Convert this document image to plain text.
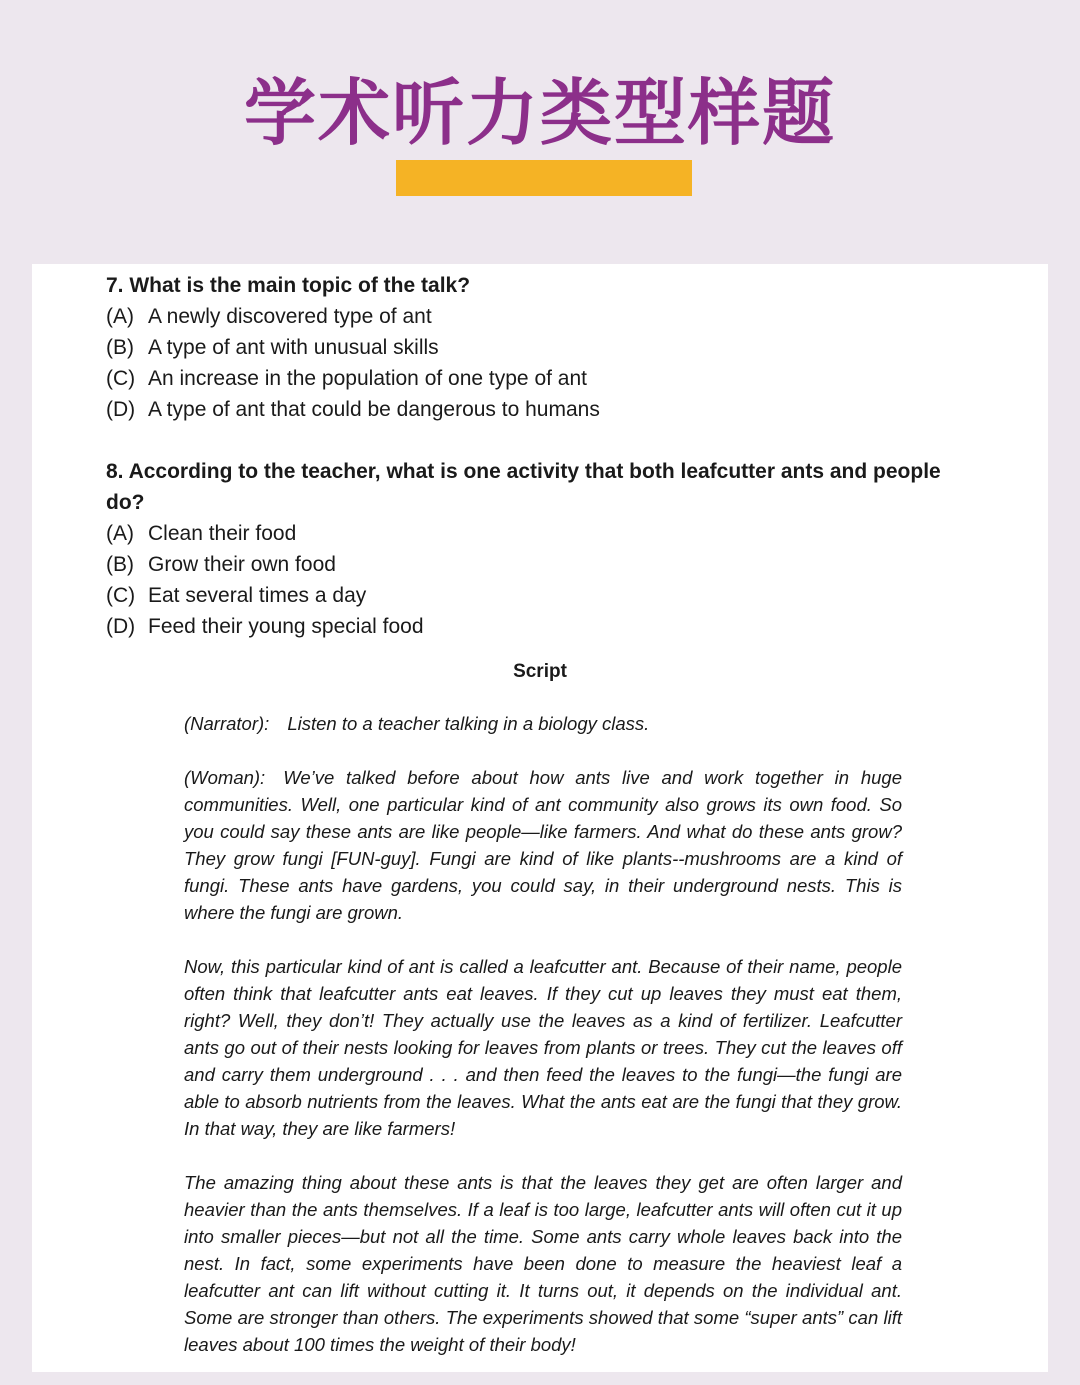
学术听力类型样题

7. What is the main topic of the talk?

(A) A newly discovered type of ant
(B) A type of ant with unusual skills
(C) An increase in the population of one type of ant
(D) A type of ant that could be dangerous to humans

8. According to the teacher, what is one activity that both leafcutter ants and people do?

(A) Clean their food
(B) Grow their own food
(C) Eat several times a day
(D) Feed their young special food
Script

(Narrator): Listen to a teacher talking in a biology class.

(Woman): We’ve talked before about how ants live and work together in huge communities. Well, one particular kind of ant community also grows its own food. So you could say these ants are like people—like farmers. And what do these ants grow? They grow fungi [FUN-guy]. Fungi are kind of like plants--mushrooms are a kind of fungi. These ants have gardens, you could say, in their underground nests. This is where the fungi are grown.

Now, this particular kind of ant is called a leafcutter ant. Because of their name, people often think that leafcutter ants eat leaves. If they cut up leaves they must eat them, right? Well, they don’t! They actually use the leaves as a kind of fertilizer. Leafcutter ants go out of their nests looking for leaves from plants or trees. They cut the leaves off and carry them underground . . . and then feed the leaves to the fungi—the fungi are able to absorb nutrients from the leaves. What the ants eat are the fungi that they grow. In that way, they are like farmers!

The amazing thing about these ants is that the leaves they get are often larger and heavier than the ants themselves. If a leaf is too large, leafcutter ants will often cut it up into smaller pieces—but not all the time. Some ants carry whole leaves back into the nest. In fact, some experiments have been done to measure the heaviest leaf a leafcutter ant can lift without cutting it. It turns out, it depends on the individual ant. Some are stronger than others. The experiments showed that some “super ants” can lift leaves about 100 times the weight of their body!
